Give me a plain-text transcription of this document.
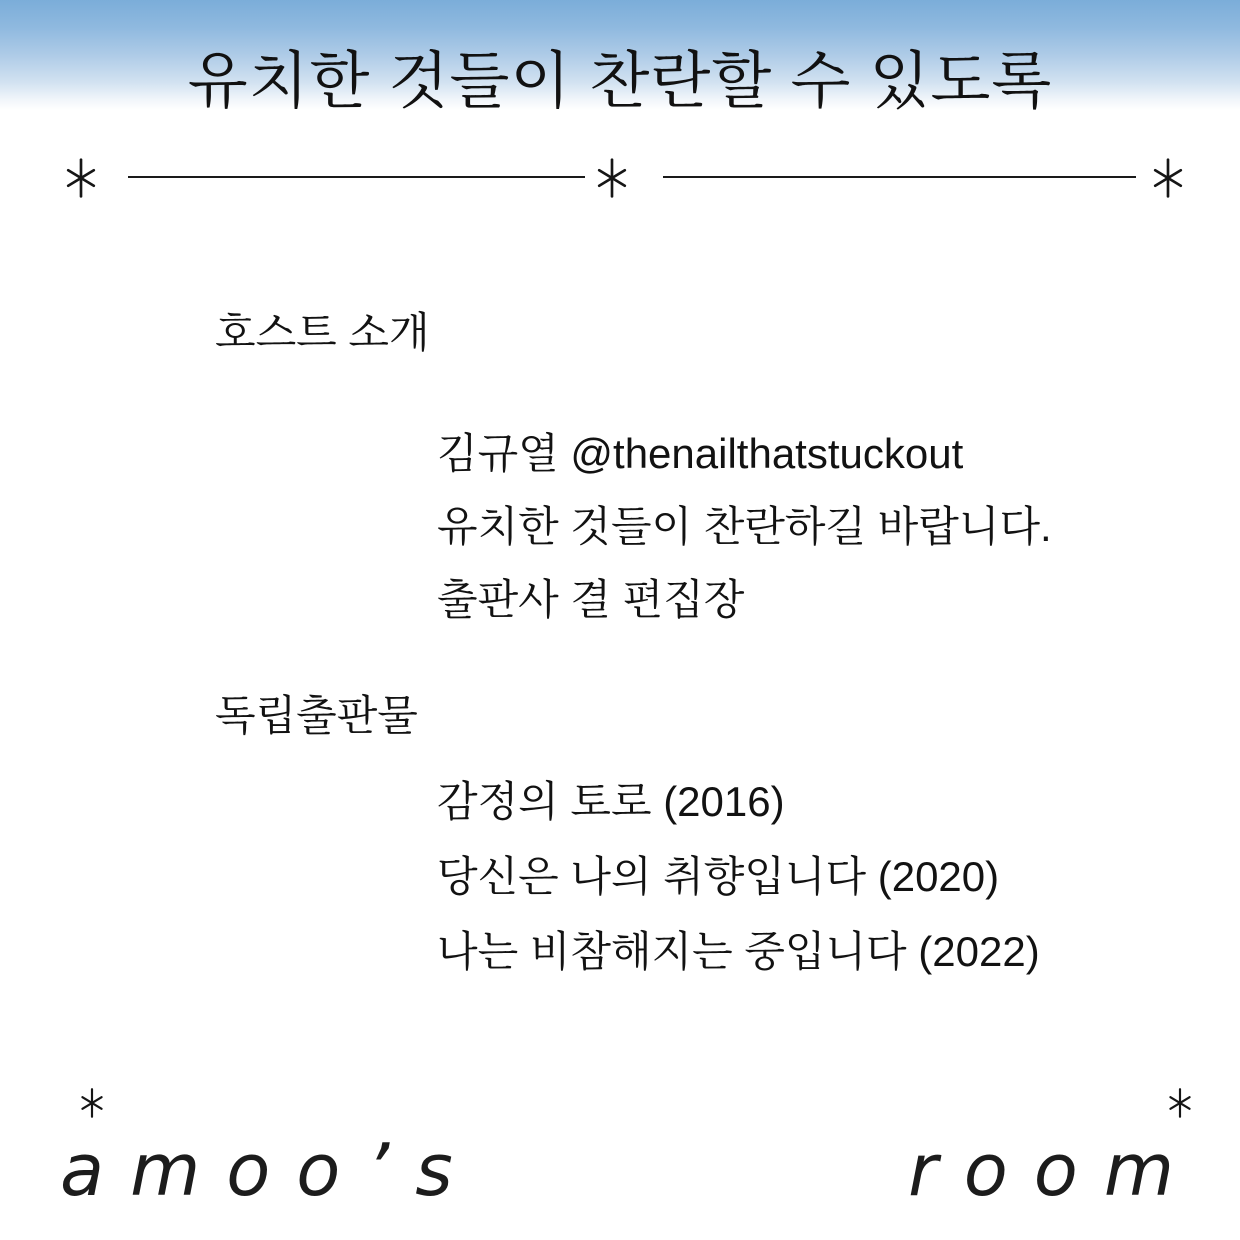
유치한 것들이 찬란할 수 있도록
호스트 소개
김규열 @thenailthatstuckout
유치한 것들이 찬란하길 바랍니다.
출판사 결 편집장
독립출판물
감정의 토로 (2016)
당신은 나의 취향입니다 (2020)
나는 비참해지는 중입니다 (2022)
amoo’s	room
